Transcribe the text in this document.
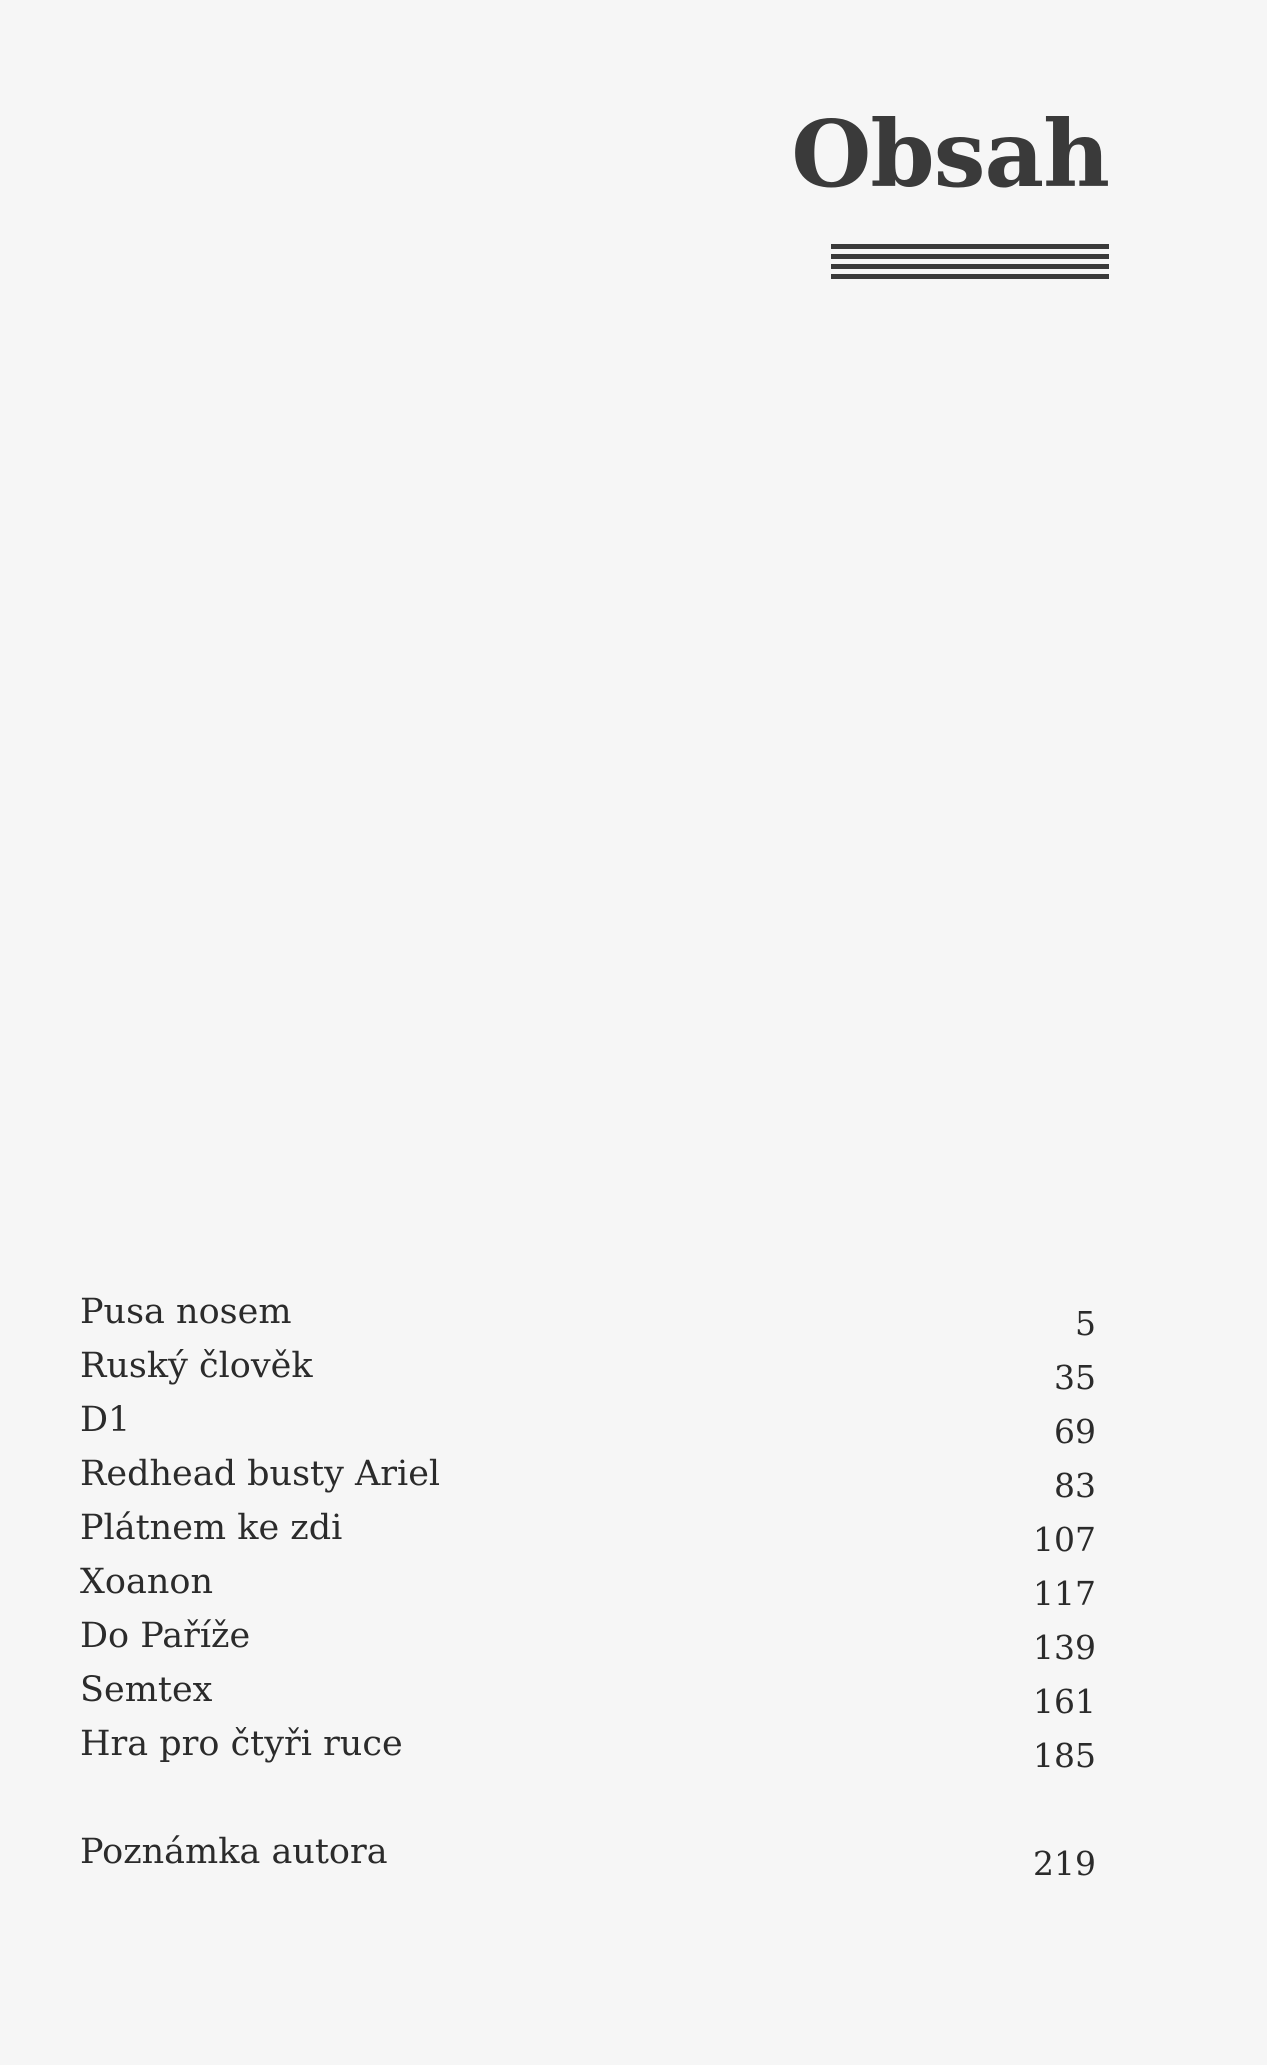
Obsah
Pusa nosem	5
Ruský člověk	35
D1	69
Redhead busty Ariel	83
Plátnem ke zdi	107
Xoanon	117
Do Paříže	139
Semtex	161
Hra pro čtyři ruce	185
Poznámka autora	219
